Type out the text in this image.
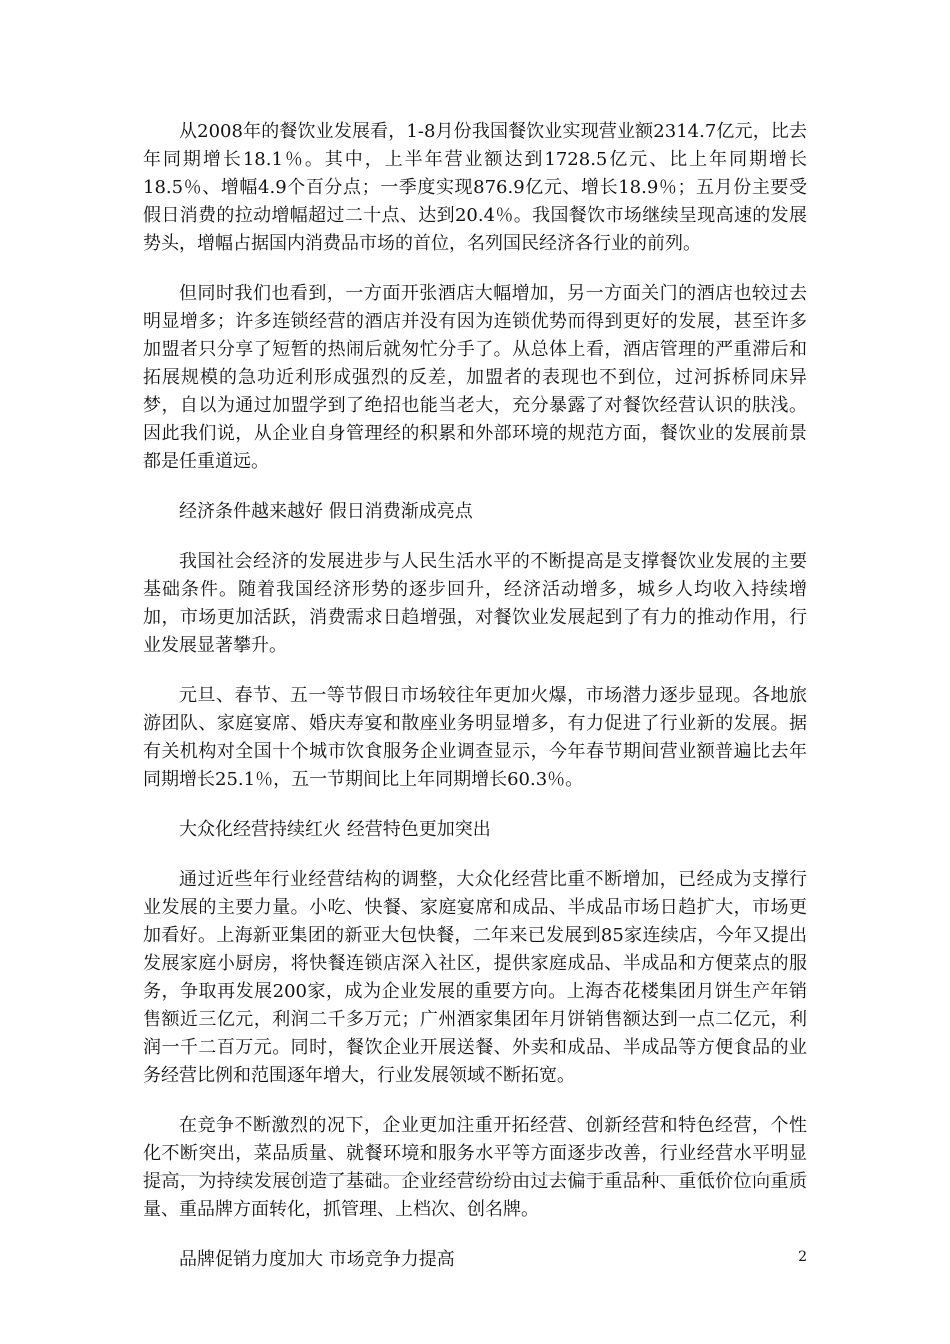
从2008年的餐饮业发展看，1-8月份我国餐饮业实现营业额2314.7亿元，比去年同期增长18.1％。其中，上半年营业额达到1728.5亿元、比上年同期增长18.5％、增幅4.9个百分点；一季度实现876.9亿元、增长18.9％；五月份主要受假日消费的拉动增幅超过二十点、达到20.4％。我国餐饮市场继续呈现高速的发展势头，增幅占据国内消费品市场的首位，名列国民经济各行业的前列。

但同时我们也看到，一方面开张酒店大幅增加，另一方面关门的酒店也较过去明显增多；许多连锁经营的酒店并没有因为连锁优势而得到更好的发展，甚至许多加盟者只分享了短暂的热闹后就匆忙分手了。从总体上看，酒店管理的严重滞后和拓展规模的急功近利形成强烈的反差，加盟者的表现也不到位，过河拆桥同床异梦，自以为通过加盟学到了绝招也能当老大，充分暴露了对餐饮经营认识的肤浅。因此我们说，从企业自身管理经的积累和外部环境的规范方面，餐饮业的发展前景都是任重道远。

经济条件越来越好 假日消费渐成亮点

我国社会经济的发展进步与人民生活水平的不断提高是支撑餐饮业发展的主要基础条件。随着我国经济形势的逐步回升，经济活动增多，城乡人均收入持续增加，市场更加活跃，消费需求日趋增强，对餐饮业发展起到了有力的推动作用，行业发展显著攀升。

元旦、春节、五一等节假日市场较往年更加火爆，市场潜力逐步显现。各地旅游团队、家庭宴席、婚庆寿宴和散座业务明显增多，有力促进了行业新的发展。据有关机构对全国十个城市饮食服务企业调查显示，今年春节期间营业额普遍比去年同期增长25.1％，五一节期间比上年同期增长60.3％。

大众化经营持续红火 经营特色更加突出

通过近些年行业经营结构的调整，大众化经营比重不断增加，已经成为支撑行业发展的主要力量。小吃、快餐、家庭宴席和成品、半成品市场日趋扩大，市场更加看好。上海新亚集团的新亚大包快餐，二年来已发展到85家连续店，今年又提出发展家庭小厨房，将快餐连锁店深入社区，提供家庭成品、半成品和方便菜点的服务，争取再发展200家，成为企业发展的重要方向。上海杏花楼集团月饼生产年销售额近三亿元，利润二千多万元；广州酒家集团年月饼销售额达到一点二亿元，利润一千二百万元。同时，餐饮企业开展送餐、外卖和成品、半成品等方便食品的业务经营比例和范围逐年增大，行业发展领域不断拓宽。

在竞争不断激烈的况下，企业更加注重开拓经营、创新经营和特色经营，个性化不断突出，菜品质量、就餐环境和服务水平等方面逐步改善，行业经营水平明显提高，为持续发展创造了基础。企业经营纷纷由过去偏于重品种、重低价位向重质量、重品牌方面转化，抓管理、上档次、创名牌。

品牌促销力度加大 市场竞争力提高	2
